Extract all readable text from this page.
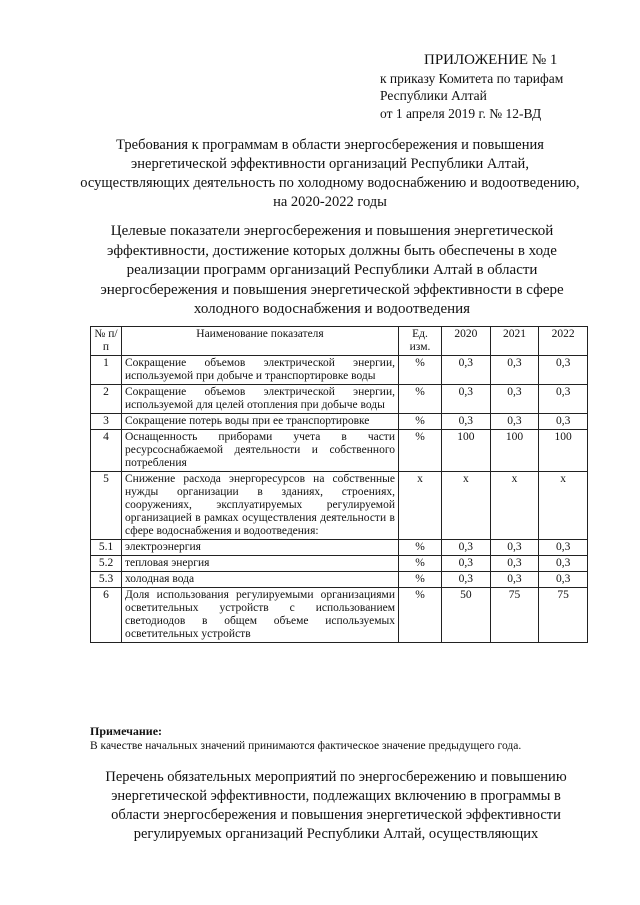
ПРИЛОЖЕНИЕ № 1
к приказу Комитета по тарифам
Республики Алтай
от 1 апреля 2019 г. № 12-ВД
Требования к программам в области энергосбережения и повышения энергетической эффективности организаций Республики Алтай, осуществляющих деятельность по холодному водоснабжению и водоотведению, на 2020-2022 годы
Целевые показатели энергосбережения и повышения энергетической эффективности, достижение которых должны быть обеспечены в ходе реализации программ организаций Республики Алтай в области энергосбережения и повышения энергетической эффективности в сфере холодного водоснабжения и водоотведения
№ п/п	Наименование показателя	Ед. изм.	2020	2021	2022
1	Сокращение объемов электрической энергии, используемой при добыче и транспортировке воды	%	0,3	0,3	0,3
2	Сокращение объемов электрической энергии, используемой для целей отопления при добыче воды	%	0,3	0,3	0,3
3	Сокращение потерь воды при ее транспортировке	%	0,3	0,3	0,3
4	Оснащенность приборами учета в части ресурсоснабжаемой деятельности и собственного потребления	%	100	100	100
5	Снижение расхода энергоресурсов на собственные нужды организации в зданиях, строениях, сооружениях, эксплуатируемых регулируемой организацией в рамках осуществления деятельности в сфере водоснабжения и водоотведения:	х	х	х	х
5.1	электроэнергия	%	0,3	0,3	0,3
5.2	тепловая энергия	%	0,3	0,3	0,3
5.3	холодная вода	%	0,3	0,3	0,3
6	Доля использования регулируемыми организациями осветительных устройств с использованием светодиодов в общем объеме используемых осветительных устройств	%	50	75	75
Примечание:
В качестве начальных значений принимаются фактическое значение предыдущего года.
Перечень обязательных мероприятий по энергосбережению и повышению энергетической эффективности, подлежащих включению в программы в области энергосбережения и повышения энергетической эффективности регулируемых организаций Республики Алтай, осуществляющих
